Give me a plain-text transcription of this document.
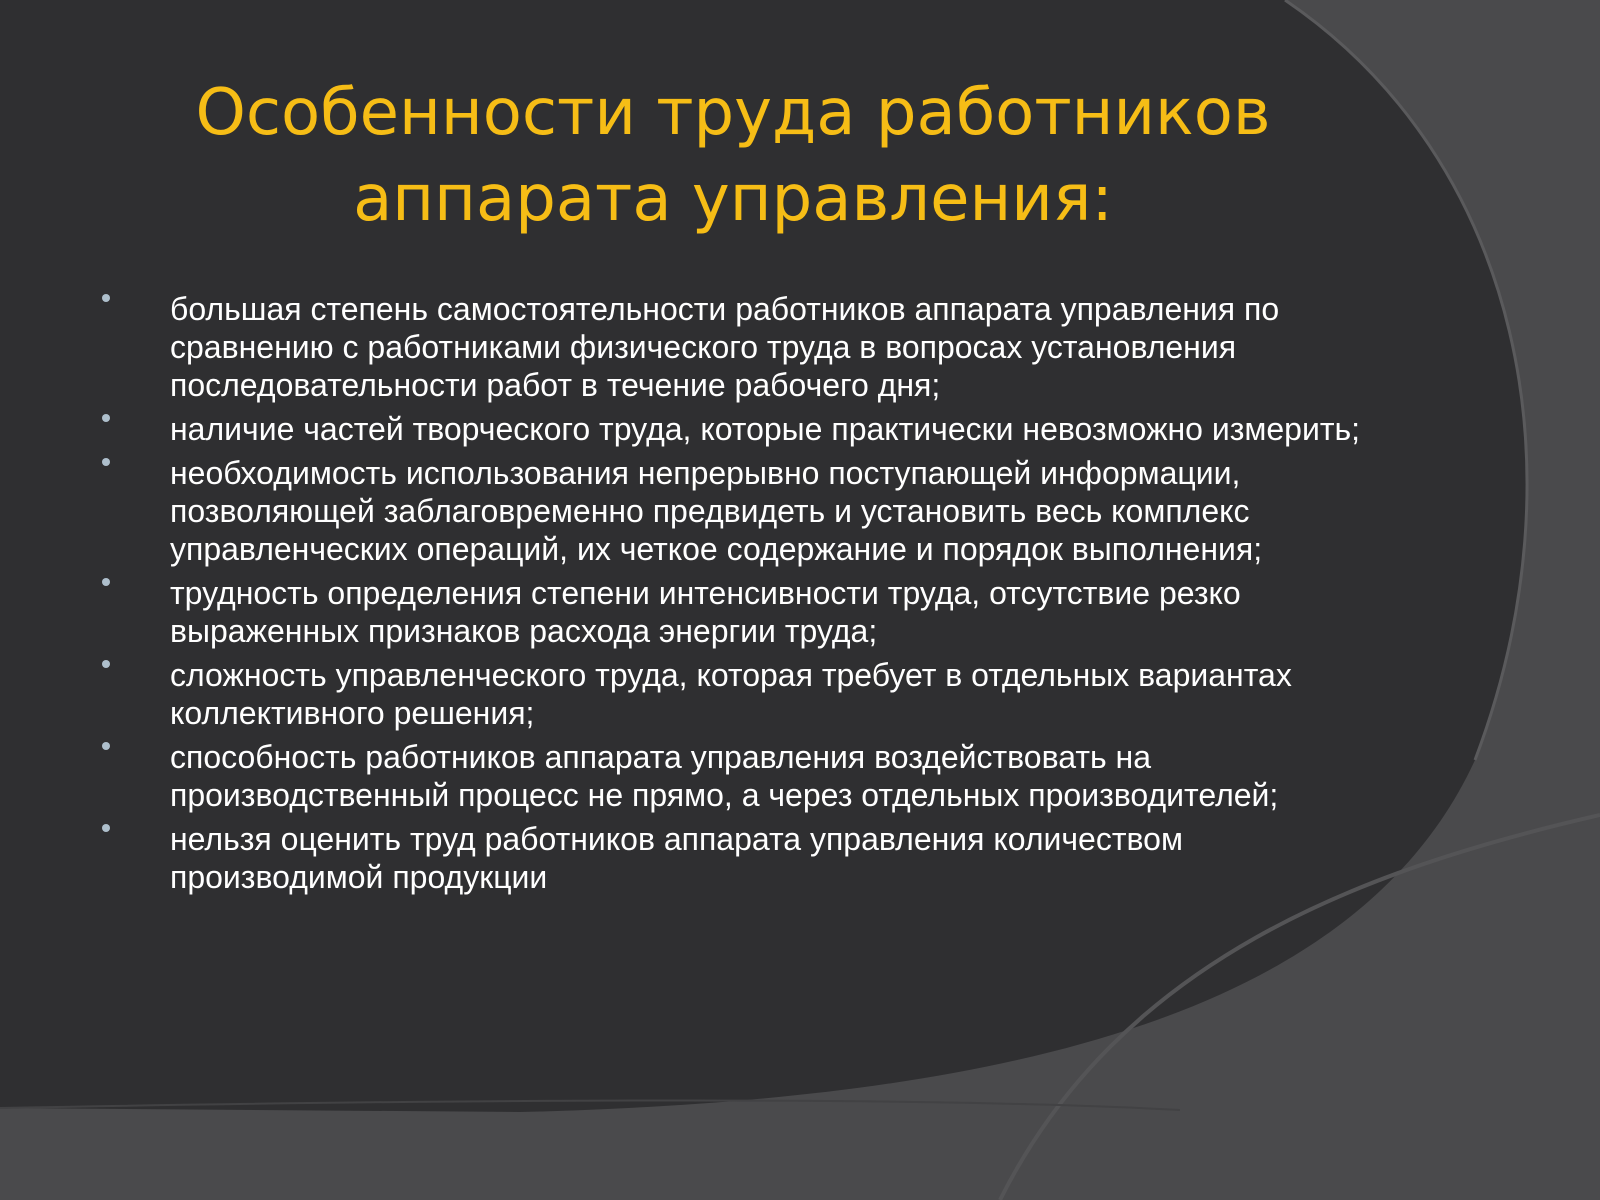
Особенности труда работников
аппарата управления:
большая степень самостоятельности работников аппарата управления по сравнению с работниками физического труда в вопросах установления последовательности работ в течение рабочего дня;
наличие частей творческого труда, которые практически невозможно измерить;
необходимость использования непрерывно поступающей информации, позволяющей заблаговременно предвидеть и установить весь комплекс управленческих операций, их четкое содержание и порядок выполнения;
трудность определения степени интенсивности труда, отсутствие резко выраженных признаков расхода энергии труда;
сложность управленческого труда, которая требует в отдельных вариантах коллективного решения;
способность работников аппарата управления воздействовать на производственный процесс не прямо, а через отдельных производителей;
нельзя оценить труд работников аппарата управления количеством производимой продукции
